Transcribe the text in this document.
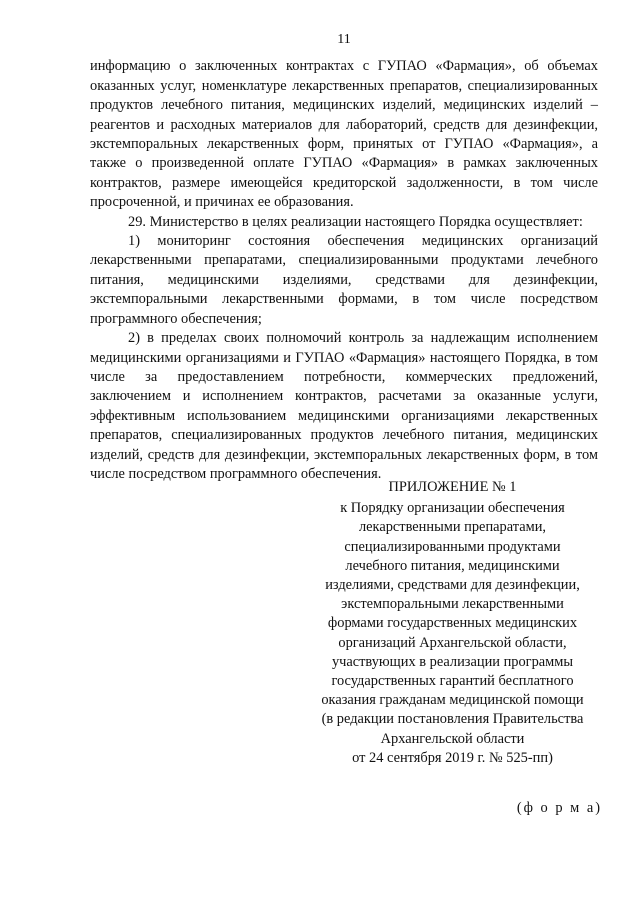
11

информацию о заключенных контрактах с ГУПАО «Фармация», об объемах оказанных услуг, номенклатуре лекарственных препаратов, специализированных продуктов лечебного питания, медицинских изделий, медицинских изделий – реагентов и расходных материалов для лабораторий, средств для дезинфекции, экстемпоральных лекарственных форм, принятых от ГУПАО «Фармация», а также о произведенной оплате ГУПАО «Фармация» в рамках заключенных контрактов, размере имеющейся кредиторской задолженности, в том числе просроченной, и причинах ее образования.

29. Министерство в целях реализации настоящего Порядка осуществляет:

1) мониторинг состояния обеспечения медицинских организаций лекарственными препаратами, специализированными продуктами лечебного питания, медицинскими изделиями, средствами для дезинфекции, экстемпоральными лекарственными формами, в том числе посредством программного обеспечения;

2) в пределах своих полномочий контроль за надлежащим исполнением медицинскими организациями и ГУПАО «Фармация» настоящего Порядка, в том числе за предоставлением потребности, коммерческих предложений, заключением и исполнением контрактов, расчетами за оказанные услуги, эффективным использованием медицинскими организациями лекарственных препаратов, специализированных продуктов лечебного питания, медицинских изделий, средств для дезинфекции, экстемпоральных лекарственных форм, в том числе посредством программного обеспечения.

ПРИЛОЖЕНИЕ № 1
к Порядку организации обеспечения
лекарственными препаратами,
специализированными продуктами
лечебного питания, медицинскими
изделиями, средствами для дезинфекции,
экстемпоральными лекарственными
формами государственных медицинских
организаций Архангельской области,
участвующих в реализации программы
государственных гарантий бесплатного
оказания гражданам медицинской помощи
(в редакции постановления Правительства
Архангельской области
от 24 сентября 2019 г. № 525-пп)
(ф о р м а)
